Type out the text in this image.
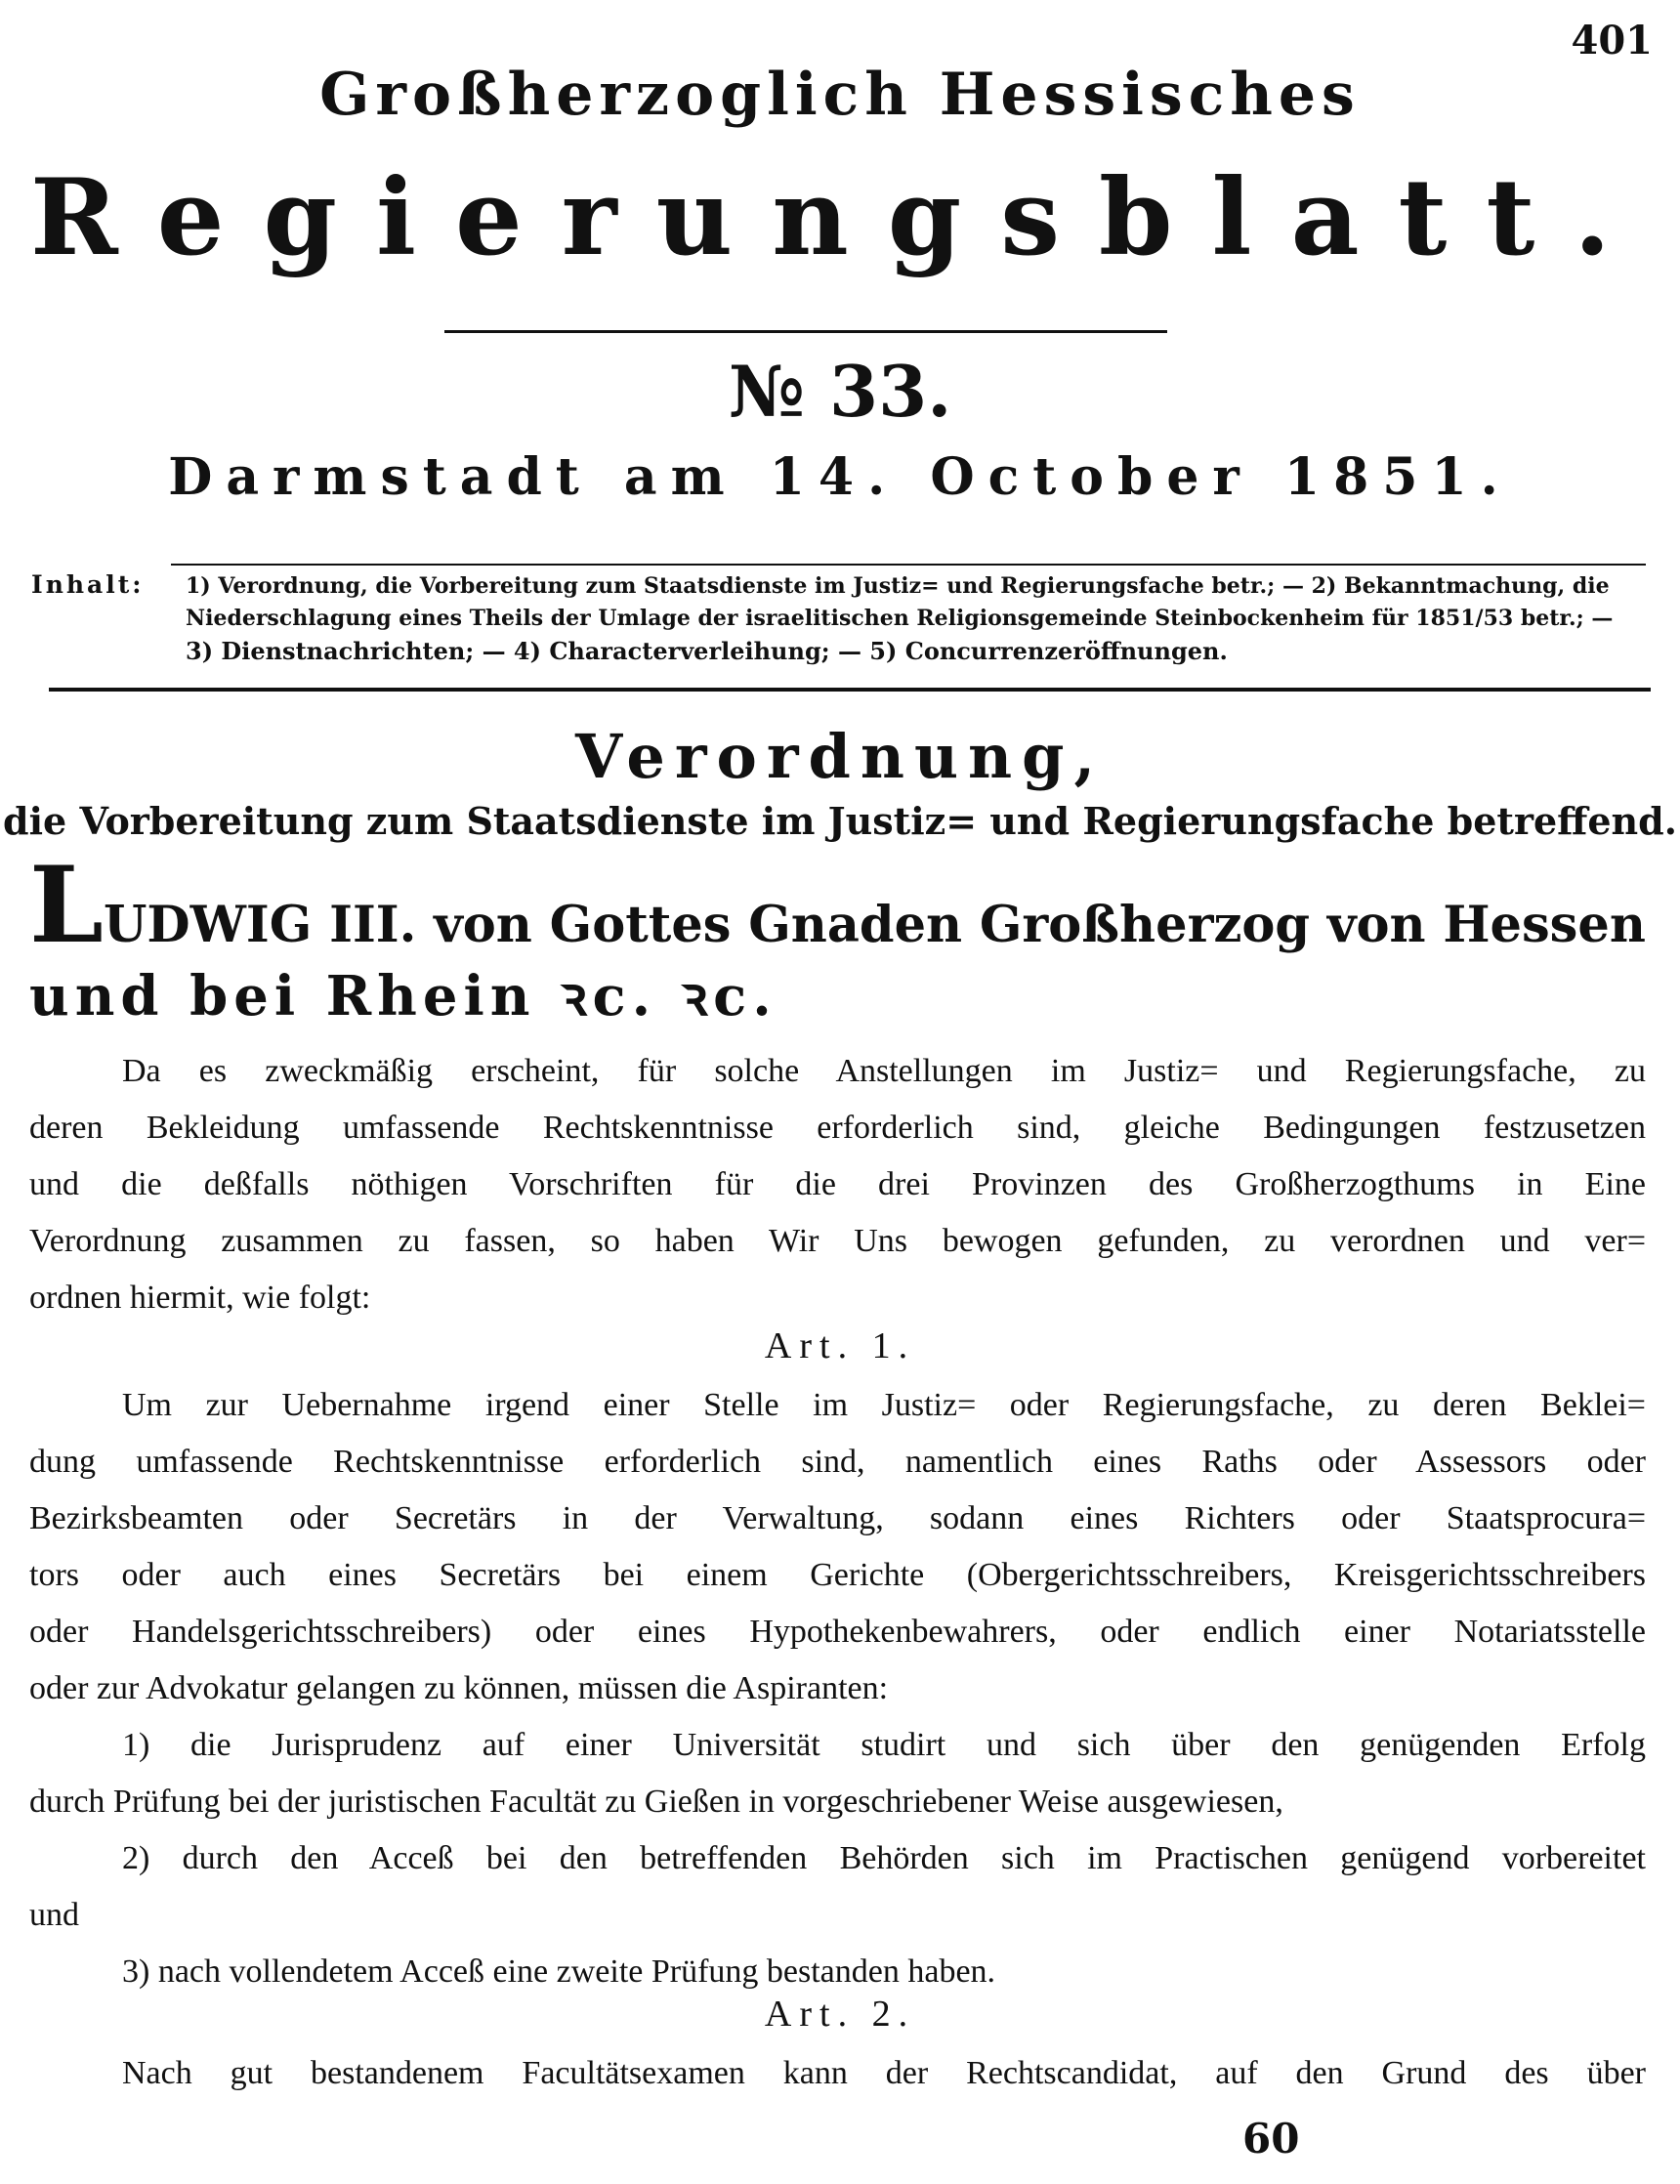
401
Großherzoglich Hessisches
Regierungsblatt.
№ 33.
Darmstadt am 14. October 1851.
Inhalt: 1) Verordnung, die Vorbereitung zum Staatsdienste im Justiz= und Regierungsfache betr.; — 2) Bekanntmachung, die
Niederschlagung eines Theils der Umlage der israelitischen Religionsgemeinde Steinbockenheim für 1851/53 betr.; —
3) Dienstnachrichten; — 4) Characterverleihung; — 5) Concurrenzeröffnungen.
Verordnung,
die Vorbereitung zum Staatsdienste im Justiz= und Regierungsfache betreffend.
LUDWIG III. von Gottes Gnaden Großherzog von Hessen
und bei Rhein ꝛc. ꝛc.
Da es zweckmäßig erscheint, für solche Anstellungen im Justiz= und Regierungsfache, zu
deren Bekleidung umfassende Rechtskenntnisse erforderlich sind, gleiche Bedingungen festzusetzen
und die deßfalls nöthigen Vorschriften für die drei Provinzen des Großherzogthums in Eine
Verordnung zusammen zu fassen, so haben Wir Uns bewogen gefunden, zu verordnen und ver=
ordnen hiermit, wie folgt:
Art. 1.
Um zur Uebernahme irgend einer Stelle im Justiz= oder Regierungsfache, zu deren Beklei=
dung umfassende Rechtskenntnisse erforderlich sind, namentlich eines Raths oder Assessors oder
Bezirksbeamten oder Secretärs in der Verwaltung, sodann eines Richters oder Staatsprocura=
tors oder auch eines Secretärs bei einem Gerichte (Obergerichtsschreibers, Kreisgerichtsschreibers
oder Handelsgerichtsschreibers) oder eines Hypothekenbewahrers, oder endlich einer Notariatsstelle
oder zur Advokatur gelangen zu können, müssen die Aspiranten:
1) die Jurisprudenz auf einer Universität studirt und sich über den genügenden Erfolg
durch Prüfung bei der juristischen Facultät zu Gießen in vorgeschriebener Weise ausgewiesen,
2) durch den Acceß bei den betreffenden Behörden sich im Practischen genügend vorbereitet
und
3) nach vollendetem Acceß eine zweite Prüfung bestanden haben.
Art. 2.
Nach gut bestandenem Facultätsexamen kann der Rechtscandidat, auf den Grund des über
60
